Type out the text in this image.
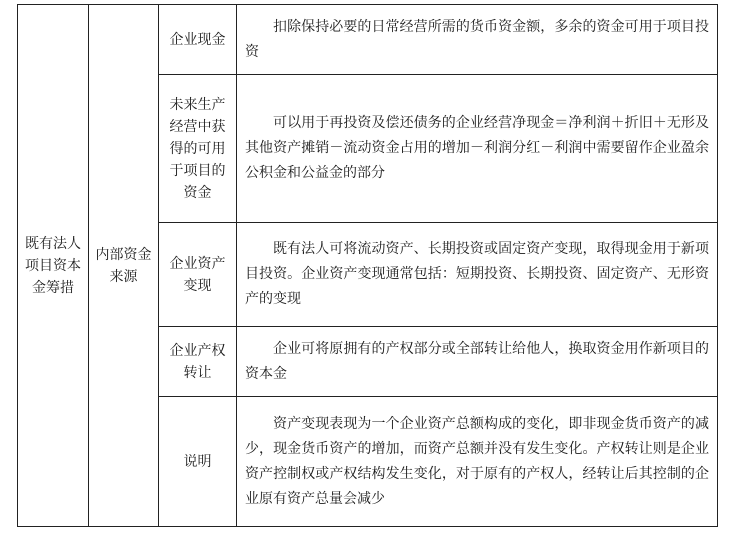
既有法人项目资本金筹措	内部资金来源	企业现金	扣除保持必要的日常经营所需的货币资金额，多余的资金可用于项目投资

		未来生产经营中获得的可用于项目的资金	可以用于再投资及偿还债务的企业经营净现金＝净利润＋折旧＋无形及其他资产摊销－流动资金占用的增加－利润分红－利润中需要留作企业盈余公积金和公益金的部分

		企业资产变现	既有法人可将流动资产、长期投资或固定资产变现，取得现金用于新项目投资。企业资产变现通常包括：短期投资、长期投资、固定资产、无形资产的变现

		企业产权转让	企业可将原拥有的产权部分或全部转让给他人，换取资金用作新项目的资本金

		说明	资产变现表现为一个企业资产总额构成的变化，即非现金货币资产的减少，现金货币资产的增加，而资产总额并没有发生变化。产权转让则是企业资产控制权或产权结构发生变化，对于原有的产权人，经转让后其控制的企业原有资产总量会减少
